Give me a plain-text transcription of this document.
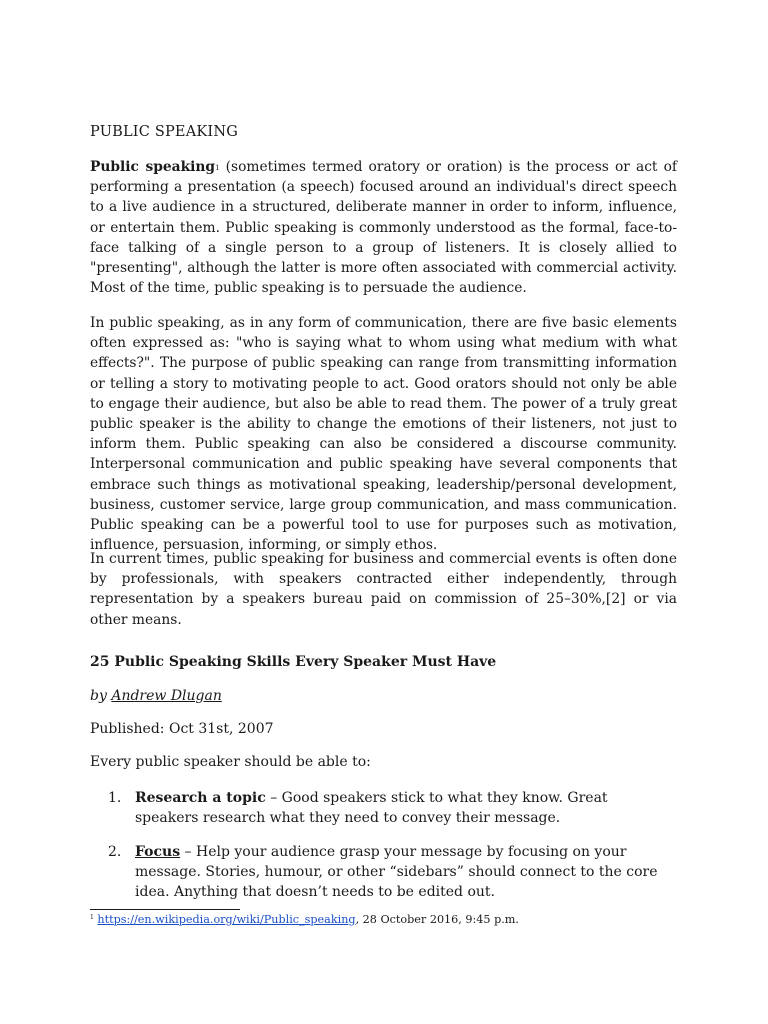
PUBLIC SPEAKING

Public speaking$^1$ (sometimes termed oratory or oration) is the process or act of performing a presentation (a speech) focused around an individual's direct speech to a live audience in a structured, deliberate manner in order to inform, influence, or entertain them. Public speaking is commonly understood as the formal, face-to-face talking of a single person to a group of listeners. It is closely allied to "presenting", although the latter is more often associated with commercial activity. Most of the time, public speaking is to persuade the audience.

In public speaking, as in any form of communication, there are five basic elements often expressed as: "who is saying what to whom using what medium with what effects?". The purpose of public speaking can range from transmitting information or telling a story to motivating people to act. Good orators should not only be able to engage their audience, but also be able to read them. The power of a truly great public speaker is the ability to change the emotions of their listeners, not just to inform them. Public speaking can also be considered a discourse community. Interpersonal communication and public speaking have several components that embrace such things as motivational speaking, leadership/personal development, business, customer service, large group communication, and mass communication. Public speaking can be a powerful tool to use for purposes such as motivation, influence, persuasion, informing, or simply ethos.

In current times, public speaking for business and commercial events is often done by professionals, with speakers contracted either independently, through representation by a speakers bureau paid on commission of 25–30%,[2] or via other means.

25 Public Speaking Skills Every Speaker Must Have

by Andrew Dlugan

Published: Oct 31st, 2007

Every public speaker should be able to:

1. Research a topic – Good speakers stick to what they know. Great speakers research what they need to convey their message.
2. Focus – Help your audience grasp your message by focusing on your message. Stories, humour, or other “sidebars” should connect to the core idea. Anything that doesn’t needs to be edited out.

$^1$ https://en.wikipedia.org/wiki/Public_speaking, 28 October 2016, 9:45 p.m.
